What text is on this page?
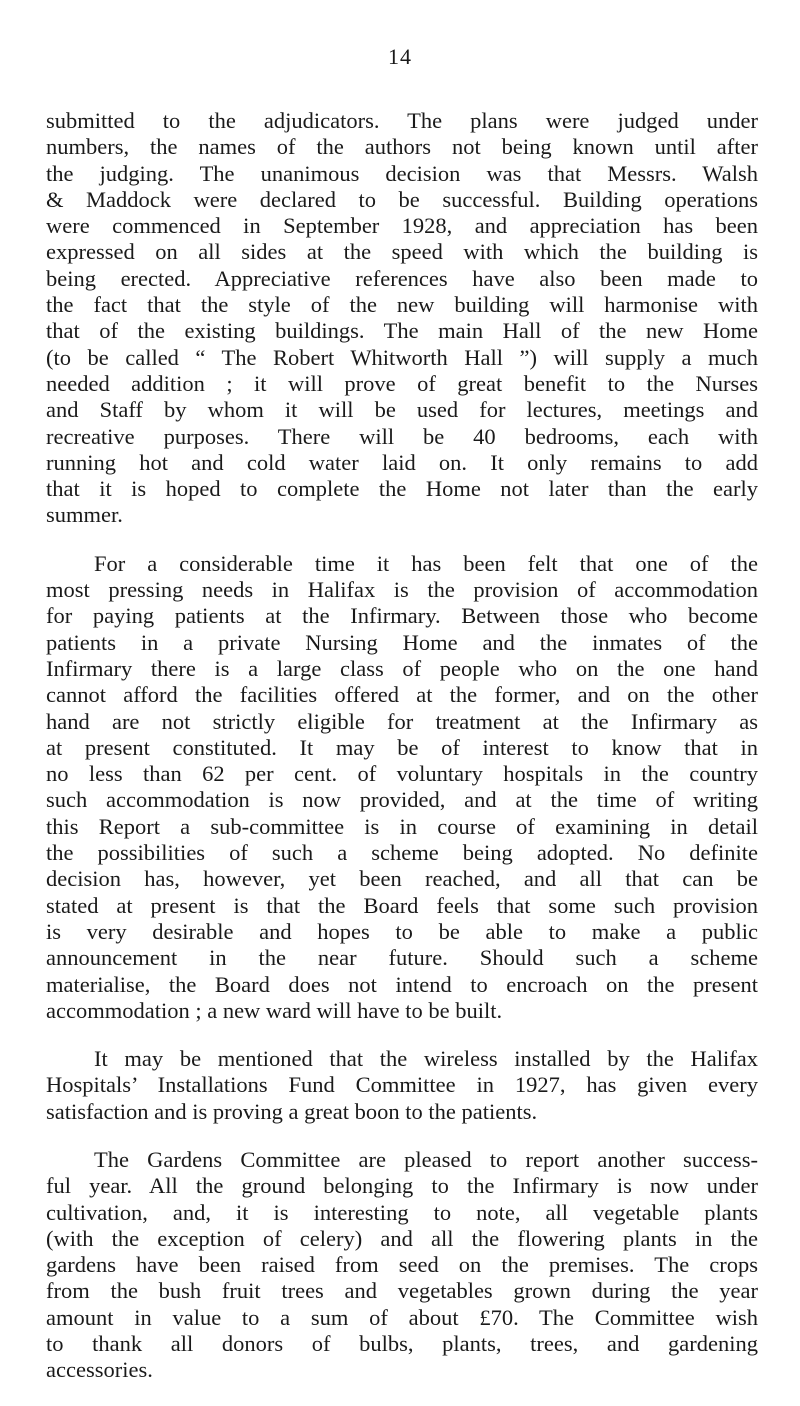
14

submitted to the adjudicators. The plans were judged under
numbers, the names of the authors not being known until after
the judging. The unanimous decision was that Messrs. Walsh
& Maddock were declared to be successful. Building operations
were commenced in September 1928, and appreciation has been
expressed on all sides at the speed with which the building is
being erected. Appreciative references have also been made to
the fact that the style of the new building will harmonise with
that of the existing buildings. The main Hall of the new Home
(to be called “ The Robert Whitworth Hall ”) will supply a much
needed addition ; it will prove of great benefit to the Nurses
and Staff by whom it will be used for lectures, meetings and
recreative purposes. There will be 40 bedrooms, each with
running hot and cold water laid on. It only remains to add
that it is hoped to complete the Home not later than the early
summer.

For a considerable time it has been felt that one of the
most pressing needs in Halifax is the provision of accommodation
for paying patients at the Infirmary. Between those who become
patients in a private Nursing Home and the inmates of the
Infirmary there is a large class of people who on the one hand
cannot afford the facilities offered at the former, and on the other
hand are not strictly eligible for treatment at the Infirmary as
at present constituted. It may be of interest to know that in
no less than 62 per cent. of voluntary hospitals in the country
such accommodation is now provided, and at the time of writing
this Report a sub-committee is in course of examining in detail
the possibilities of such a scheme being adopted. No definite
decision has, however, yet been reached, and all that can be
stated at present is that the Board feels that some such provision
is very desirable and hopes to be able to make a public
announcement in the near future. Should such a scheme
materialise, the Board does not intend to encroach on the present
accommodation ; a new ward will have to be built.

It may be mentioned that the wireless installed by the Halifax
Hospitals’ Installations Fund Committee in 1927, has given every
satisfaction and is proving a great boon to the patients.

The Gardens Committee are pleased to report another success-
ful year. All the ground belonging to the Infirmary is now under
cultivation, and, it is interesting to note, all vegetable plants
(with the exception of celery) and all the flowering plants in the
gardens have been raised from seed on the premises. The crops
from the bush fruit trees and vegetables grown during the year
amount in value to a sum of about £70. The Committee wish
to thank all donors of bulbs, plants, trees, and gardening
accessories.
